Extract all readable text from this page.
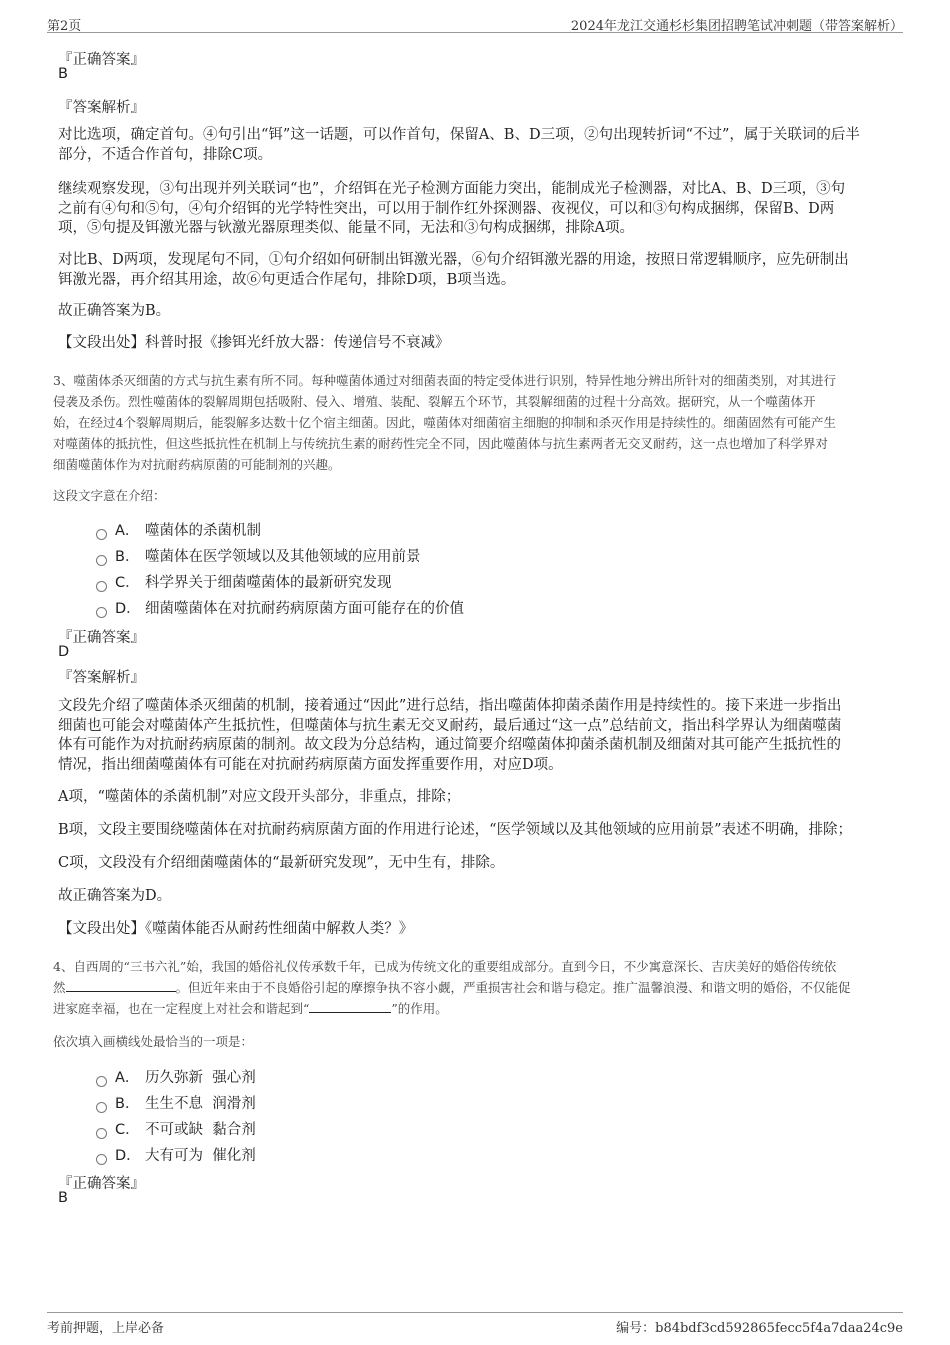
第2页	2024年龙江交通杉杉集团招聘笔试冲刺题（带答案解析）
『正确答案』
B
『答案解析』
对比选项，确定首句。④句引出“铒”这一话题，可以作首句，保留A、B、D三项，②句出现转折词“不过”，属于关联词的后半
部分，不适合作首句，排除C项。
继续观察发现，③句出现并列关联词“也”，介绍铒在光子检测方面能力突出，能制成光子检测器，对比A、B、D三项，③句
之前有④句和⑤句，④句介绍铒的光学特性突出，可以用于制作红外探测器、夜视仪，可以和③句构成捆绑，保留B、D两
项，⑤句提及铒激光器与钬激光器原理类似、能量不同，无法和③句构成捆绑，排除A项。
对比B、D两项，发现尾句不同，①句介绍如何研制出铒激光器，⑥句介绍铒激光器的用途，按照日常逻辑顺序，应先研制出
铒激光器，再介绍其用途，故⑥句更适合作尾句，排除D项，B项当选。
故正确答案为B。
【文段出处】科普时报《掺铒光纤放大器：传递信号不衰减》
3、噬菌体杀灭细菌的方式与抗生素有所不同。每种噬菌体通过对细菌表面的特定受体进行识别，特异性地分辨出所针对的细菌类别，对其进行
侵袭及杀伤。烈性噬菌体的裂解周期包括吸附、侵入、增殖、装配、裂解五个环节，其裂解细菌的过程十分高效。据研究，从一个噬菌体开
始，在经过4个裂解周期后，能裂解多达数十亿个宿主细菌。因此，噬菌体对细菌宿主细胞的抑制和杀灭作用是持续性的。细菌固然有可能产生
对噬菌体的抵抗性，但这些抵抗性在机制上与传统抗生素的耐药性完全不同，因此噬菌体与抗生素两者无交叉耐药，这一点也增加了科学界对
细菌噬菌体作为对抗耐药病原菌的可能制剂的兴趣。
这段文字意在介绍：
A． 噬菌体的杀菌机制
B． 噬菌体在医学领域以及其他领域的应用前景
C． 科学界关于细菌噬菌体的最新研究发现
D． 细菌噬菌体在对抗耐药病原菌方面可能存在的价值
『正确答案』
D
『答案解析』
文段先介绍了噬菌体杀灭细菌的机制，接着通过“因此”进行总结，指出噬菌体抑菌杀菌作用是持续性的。接下来进一步指出
细菌也可能会对噬菌体产生抵抗性，但噬菌体与抗生素无交叉耐药，最后通过“这一点”总结前文，指出科学界认为细菌噬菌
体有可能作为对抗耐药病原菌的制剂。故文段为分总结构，通过简要介绍噬菌体抑菌杀菌机制及细菌对其可能产生抵抗性的
情况，指出细菌噬菌体有可能在对抗耐药病原菌方面发挥重要作用，对应D项。
A项，“噬菌体的杀菌机制”对应文段开头部分，非重点，排除；
B项，文段主要围绕噬菌体在对抗耐药病原菌方面的作用进行论述，“医学领域以及其他领域的应用前景”表述不明确，排除；
C项，文段没有介绍细菌噬菌体的“最新研究发现”，无中生有，排除。
故正确答案为D。
【文段出处】《噬菌体能否从耐药性细菌中解救人类？》
4、自西周的“三书六礼”始，我国的婚俗礼仪传承数千年，已成为传统文化的重要组成部分。直到今日，不少寓意深长、吉庆美好的婚俗传统依
然	。但近年来由于不良婚俗引起的摩擦争执不容小觑，严重损害社会和谐与稳定。推广温馨浪漫、和谐文明的婚俗，不仅能促
进家庭幸福，也在一定程度上对社会和谐起到“	”的作用。
依次填入画横线处最恰当的一项是：
A． 历久弥新  强心剂
B． 生生不息  润滑剂
C． 不可或缺  黏合剂
D． 大有可为  催化剂
『正确答案』
B
考前押题，上岸必备	编号：b84bdf3cd592865fecc5f4a7daa24c9e
